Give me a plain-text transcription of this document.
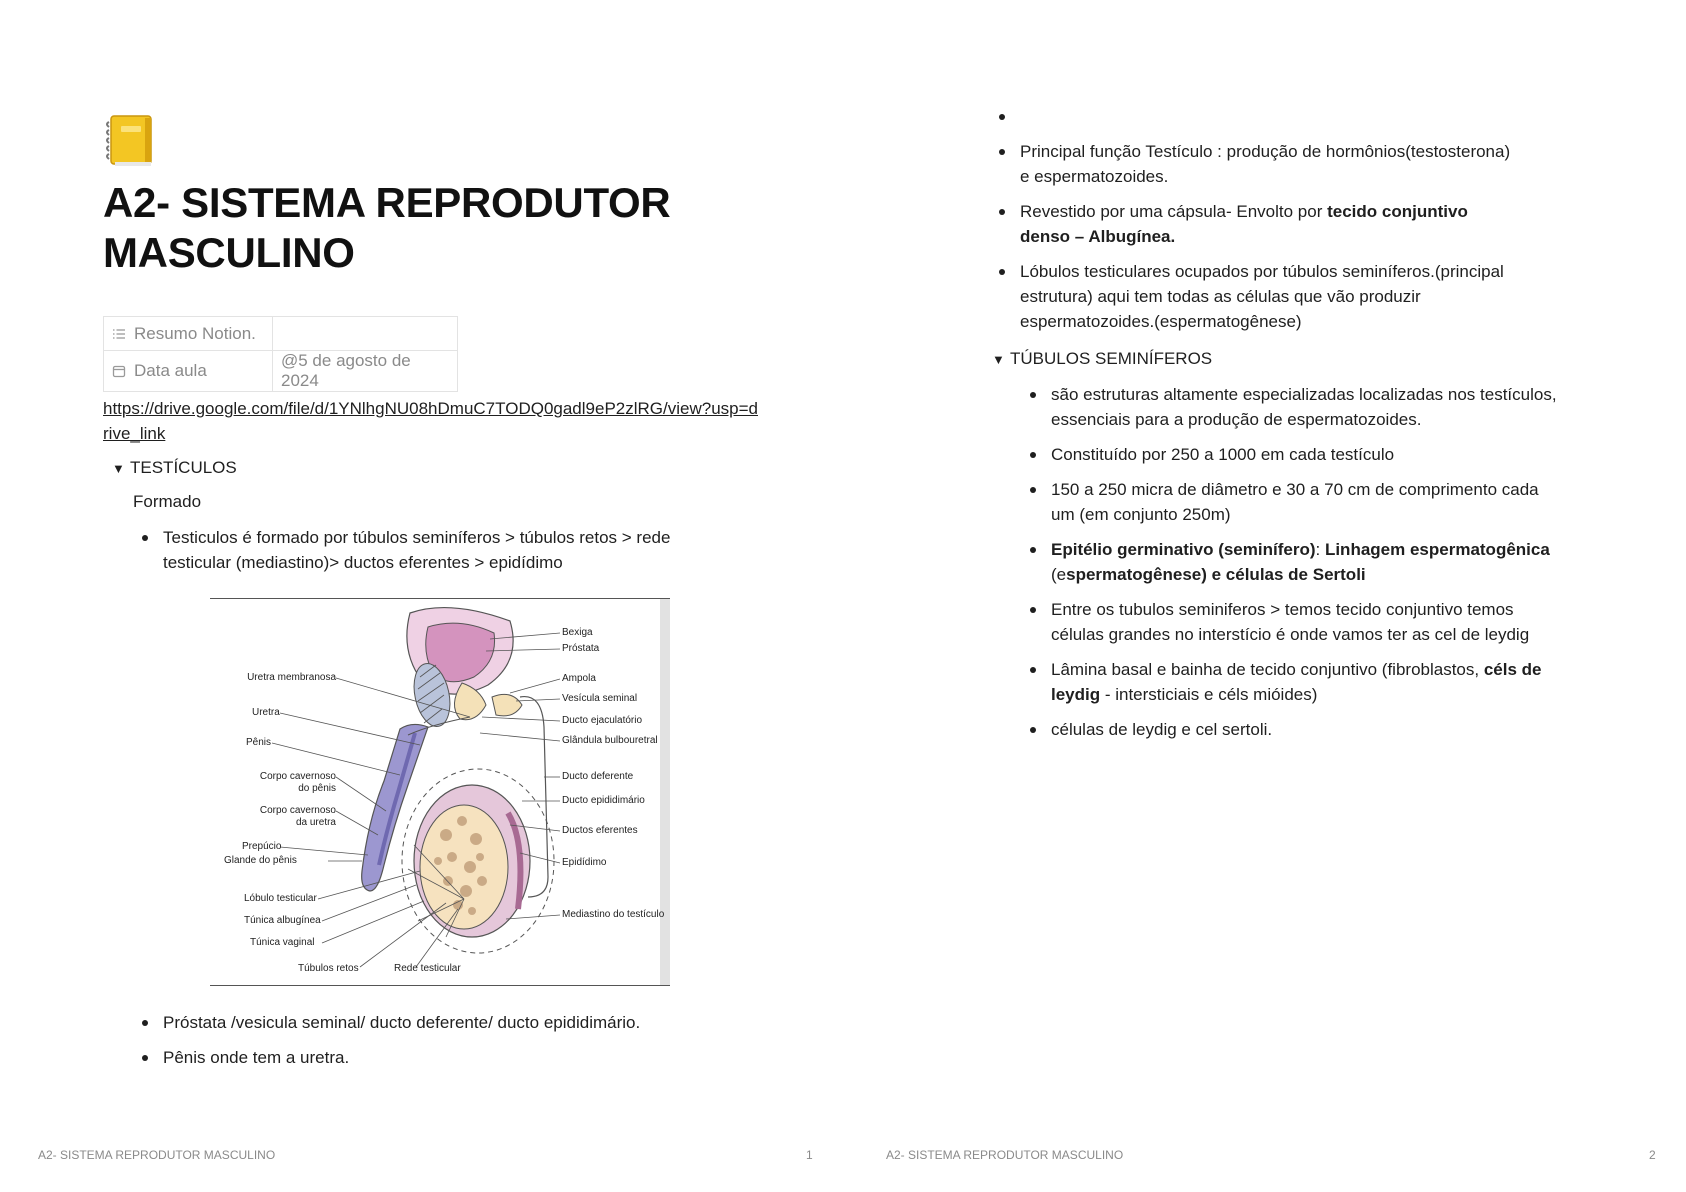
A2- SISTEMA REPRODUTOR MASCULINO
Resumo Notion.	
Data aula	@5 de agosto de 2024
https://drive.google.com/file/d/1YNlhgNU08hDmuC7TODQ0gadl9eP2zlRG/view?usp=drive_link
▼ TESTÍCULOS
Formado
Testiculos é formado por túbulos seminíferos > túbulos retos > rede testicular (mediastino)> ductos eferentes > epidídimo
Uretra membranosa
Uretra
Pênis
Corpo cavernoso
do pênis
Corpo cavernoso
da uretra
Prepúcio
Glande do pênis
Lóbulo testicular
Túnica albugínea
Túnica vaginal
Bexiga
Próstata
Ampola
Vesícula seminal
Ducto ejaculatório
Glândula bulbouretral
Ducto deferente
Ducto epididimário
Ductos eferentes
Epidídimo
Mediastino do testículo
Túbulos retos	Rede testicular
Próstata /vesicula seminal/ ducto deferente/ ducto epididimário.
Pênis onde tem a uretra.
A2- SISTEMA REPRODUTOR MASCULINO	1
Principal função Testículo : produção de hormônios(testosterona) e espermatozoides.
Revestido por uma cápsula- Envolto por tecido conjuntivo denso – Albugínea.
Lóbulos testiculares ocupados por túbulos seminíferos.(principal estrutura) aqui tem todas as células que vão produzir espermatozoides.(espermatogênese)
▼ TÚBULOS SEMINÍFEROS
são estruturas altamente especializadas localizadas nos testículos, essenciais para a produção de espermatozoides.
Constituído por 250 a 1000 em cada testículo
150 a 250 micra de diâmetro e 30 a 70 cm de comprimento cada um (em conjunto 250m)
Epitélio germinativo (seminífero): Linhagem espermatogênica (espermatogênese) e células de Sertoli
Entre os tubulos seminiferos > temos tecido conjuntivo temos células grandes no interstício é onde vamos ter as cel de leydig
Lâmina basal e bainha de tecido conjuntivo (fibroblastos, céls de leydig - intersticiais e céls mióides)
células de leydig e cel sertoli.
A2- SISTEMA REPRODUTOR MASCULINO	2
